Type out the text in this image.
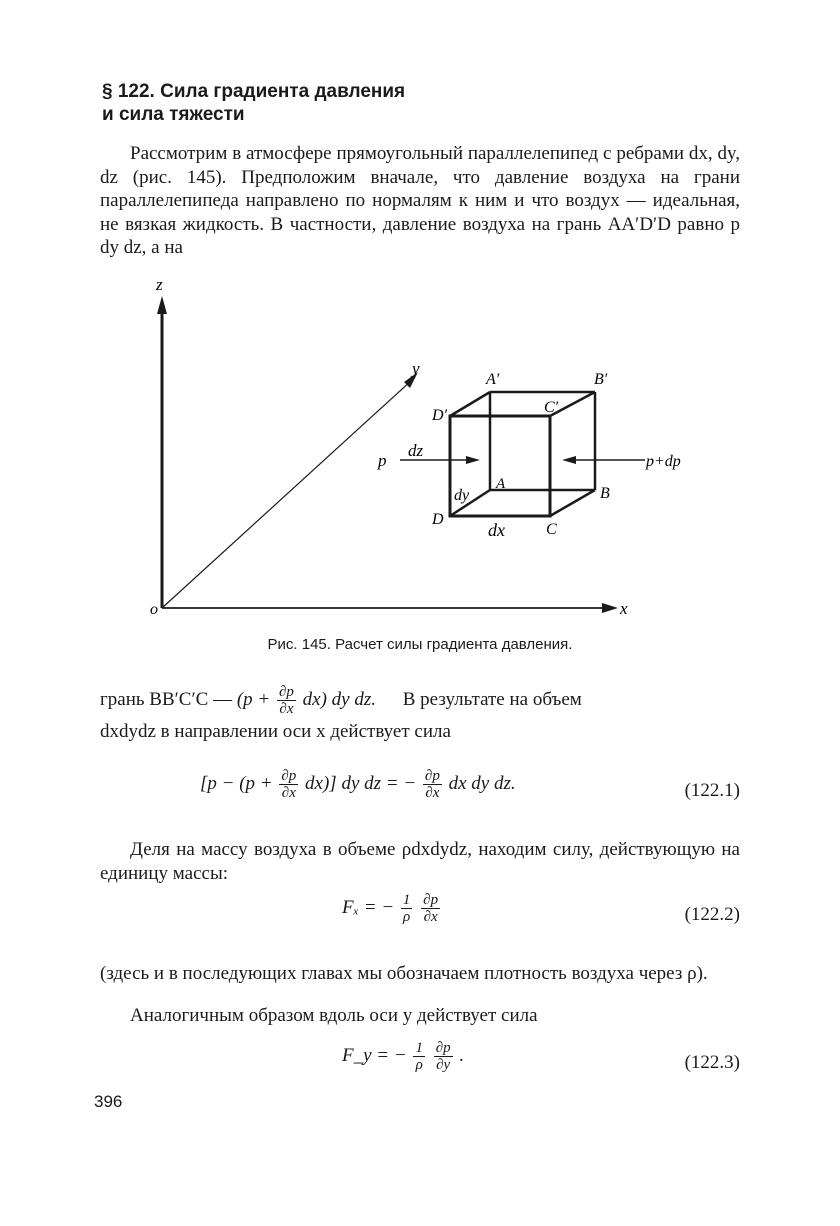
§ 122. Сила градиента давления
и сила тяжести
Рассмотрим в атмосфере прямоугольный параллелепипед с ребрами dx, dy, dz (рис. 145). Предположим вначале, что давление воздуха на грани параллелепипеда направлено по нормалям к ним и что воздух — идеальная, не вязкая жидкость. В частности, давление воздуха на грань AA′D′D равно p dy dz, а на
z
y
x
o
A′	B′
C′
D′
A
B
C
D
dz
dy
dx
p	p+dp
Рис. 145. Расчет силы градиента давления.
грань BB′C′C — $(p + \frac{\partial p}{\partial x} dx)$ dy dz. В результате на объем
dxdydz в направлении оси x действует сила
$[p - (p + \frac{\partial p}{\partial x} dx)]$ dy dz = − $\frac{\partial p}{\partial x}$ dx dy dz.	(122.1)
Деля на массу воздуха в объеме ρdxdydz, находим силу, действующую на единицу массы:
Fₓ = − $\frac{1}{\rho}$
$\frac{\partial p}{\partial x}$	(122.2)
(здесь и в последующих главах мы обозначаем плотность воздуха через ρ).
Аналогичным образом вдоль оси y действует сила
F_y = − $\frac{1}{\rho}$
$\frac{\partial p}{\partial y}$ .	(122.3)
396
